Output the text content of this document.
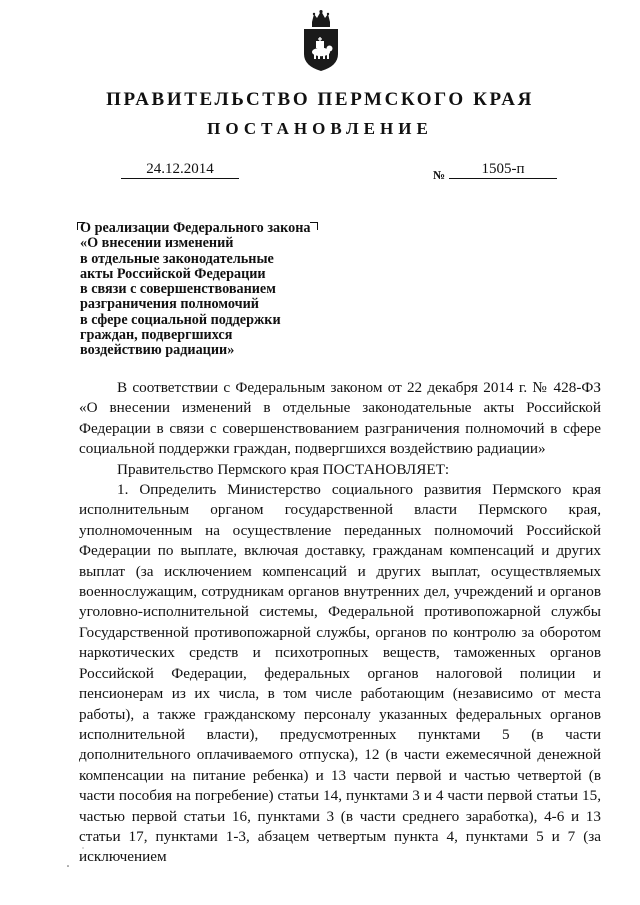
ПРАВИТЕЛЬСТВО ПЕРМСКОГО КРАЯ
ПОСТАНОВЛЕНИЕ
24.12.2014	№	1505-п
О реализации Федерального закона
«О внесении изменений
в отдельные законодательные
акты Российской Федерации
в связи с совершенствованием
разграничения полномочий
в сфере социальной поддержки
граждан, подвергшихся
воздействию радиации»

В соответствии с Федеральным законом от 22 декабря 2014 г. № 428-ФЗ «О внесении изменений в отдельные законодательные акты Российской Федерации в связи с совершенствованием разграничения полномочий в сфере социальной поддержки граждан, подвергшихся воздействию радиации»

Правительство Пермского края ПОСТАНОВЛЯЕТ:

1. Определить Министерство социального развития Пермского края исполнительным органом государственной власти Пермского края, уполномоченным на осуществление переданных полномочий Российской Федерации по выплате, включая доставку, гражданам компенсаций и других выплат (за исключением компенсаций и других выплат, осуществляемых военнослужащим, сотрудникам органов внутренних дел, учреждений и органов уголовно-исполнительной системы, Федеральной противопожарной службы Государственной противопожарной службы, органов по контролю за оборотом наркотических средств и психотропных веществ, таможенных органов Российской Федерации, федеральных органов налоговой полиции и пенсионерам из их числа, в том числе работающим (независимо от места работы), а также гражданскому персоналу указанных федеральных органов исполнительной власти), предусмотренных пунктами 5 (в части дополнительного оплачиваемого отпуска), 12 (в части ежемесячной денежной компенсации на питание ребенка) и 13 части первой и частью четвертой (в части пособия на погребение) статьи 14, пунктами 3 и 4 части первой статьи 15, частью первой статьи 16, пунктами 3 (в части среднего заработка), 4-6 и 13 статьи 17, пунктами 1-3, абзацем четвертым пункта 4, пунктами 5 и 7 (за исключением
